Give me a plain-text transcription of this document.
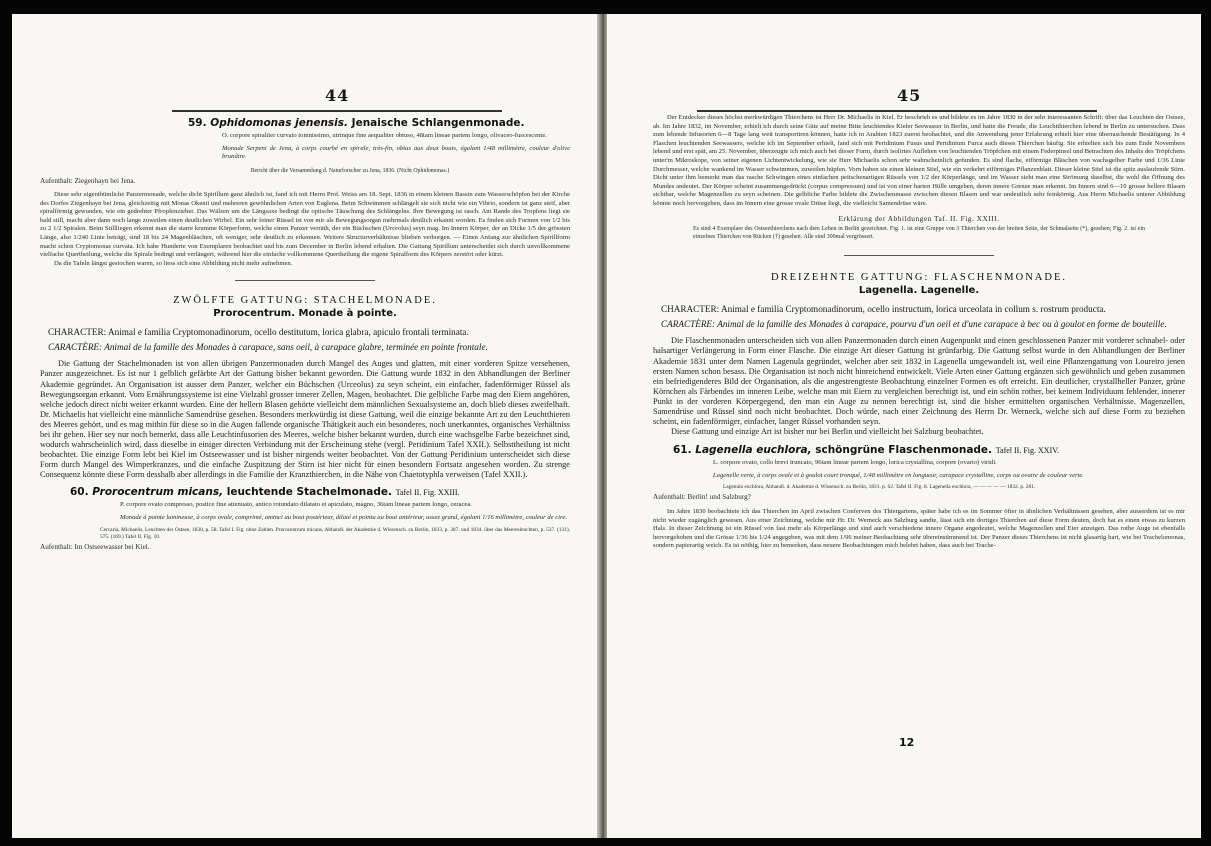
44

59. Ophidomonas jenensis. Jenaische Schlangenmonade.

O. corpore spiraliter curvato tomnissimo, utrinque fine aequaliter obtuso, 48tam lineae partem longo, olivaceo-fuscescente.

Monade Serpent de Jena, à corps courbé en spirale, très-fin, obtus aux deux bouts, égalant 1/48 millimètre, couleur d'olive brunâtre.

Bericht über die Versammlung d. Naturforscher zu Jena, 1836. (Nicht Ophidomonas.)

Aufenthalt: Ziegenhayn bei Jena.

Diese sehr eigenthümliche Panzermonade, welche dicht Spirillum ganz ähnlich ist, fand ich mit Herrn Prof. Weiss am 18. Sept. 1836 in einem kleinen Bassin zum Wasserschöpfen bei der Kirche des Dorfes Ziegenhayn bei Jena, gleichzeitig mit Monas Okenii und mehreren gewöhnlichen Arten von Euglena. Beim Schwimmen schlängelt sie sich nicht wie ein Vibrio, sondern ist ganz steif, aber spiralförmig gewunden, wie ein gedrehter Pfropfenzieher. Das Wälzen um die Längsaxe bedingt die optische Täuschung des Schlängelns. Ihre Bewegung ist rasch. Am Rande des Tropfens liegt sie bald still, macht aber dann noch lange zuweilen einen deutlichen Wirbel. Ein sehr feiner Rüssel ist von mir als Bewegungsorgan mehrmals deutlich erkannt worden. Es finden sich Formen von 1/2 bis zu 2 1/2 Spiralen. Beim Stillliegen erkennt man die starre krumme Körperform, welche einen Panzer verräth, der ein Büchschen (Urceolus) seyn mag. Im Innern Körper, der an Dicke 1/5 der grössten Länge, also 1/240 Linie beträgt, sind 18 bis 24 Magenbläschen, oft weniger, sehr deutlich zu erkennen. Weitere Structurverhältnisse blieben verborgen. — Einen Anfang zur ähnlichen Spirillform macht schon Cryptomonas curvata. Ich habe Hunderte von Exemplaren beobachtet und bis zum December in Berlin lebend erhalten. Die Gattung Spirillum unterscheidet sich durch unvollkommene vielfache Quertheilung, welche die Spirale bedingt und verlängert, während hier die einfache vollkommene Quertheilung die eigene Spiralform des Körpers zerstört oder kürzt.

Da die Tafeln längst gestochen waren, so liess sich eine Abbildung nicht mehr aufnehmen.

ZWÖLFTE GATTUNG: STACHELMONADE.

Prorocentrum. Monade à pointe.

CHARACTER: Animal e familia Cryptomonadinorum, ocello destitutum, lorica glabra, apiculo frontali terminata.

CARACTÈRE: Animal de la famille des Monades à carapace, sans oeil, à carapace glabre, terminée en pointe frontale.

Die Gattung der Stachelmonaden ist von allen übrigen Panzermonaden durch Mangel des Auges und glatten, mit einer vorderen Spitze versehenen, Panzer ausgezeichnet. Es ist nur 1 gelblich gefärbte Art der Gattung bisher bekannt geworden. Die Gattung wurde 1832 in den Abhandlungen der Berliner Akademie gegründet. An Organisation ist ausser dem Panzer, welcher ein Büchschen (Urceolus) zu seyn scheint, ein einfacher, fadenförmiger Rüssel als Bewegungsorgan erkannt. Vom Ernährungssysteme ist eine Vielzahl grosser innerer Zellen, Magen, beobachtet. Die gelbliche Farbe mag den Eiern angehören, welche jedoch direct nicht weiter erkannt wurden. Eine der hellern Blasen gehörte vielleicht dem männlichen Sexualsysteme an, doch blieb dieses zweifelhaft. Dr. Michaelis hat vielleicht eine männliche Samendrüse gesehen. Besonders merkwürdig ist diese Gattung, weil die einzige bekannte Art zu den Leuchtthieren des Meeres gehört, und es mag mithin für diese so in die Augen fallende organische Thätigkeit auch ein besonderes, noch unerkanntes, organisches Verhältniss bei ihr geben. Hier sey nur noch bemerkt, dass alle Leuchtinfusorien des Meeres, welche bisher bekannt wurden, durch eine wachsgelbe Farbe bezeichnet sind, wodurch wahrscheinlich wird, dass dieselbe in einiger directen Verbindung mit der Erscheinung stehe (vergl. Peridinium Tafel XXII.). Selbsttheilung ist nicht beobachtet. Die einzige Form lebt bei Kiel im Ostseewasser und ist bisher nirgends weiter beobachtet. Von der Gattung Peridinium unterscheidet sich diese Form durch Mangel des Wimperkranzes, und die einfache Zuspitzung der Stirn ist hier nicht für einen besondern Fortsatz angesehen worden. Zu strenge Consequenz könnte diese Form desshalb aber allerdings in die Familie der Kranzthierchen, in die Nähe von Chaetotyphla verweisen (Tafel XXII.).

60. Prorocentrum micans, leuchtende Stachelmonade. Tafel II. Fig. XXIII.

P. corpore ovato compresso, postice fine attenuato, antico rotundato dilatato et apiculato, magno, 36tam lineae partem longo, ceracea.

Monade à pointe lumineuse, à corps ovale, comprimé, aminci au bout postérieur, dilaté et pointu au bout antérieur, assez grand, égalant 1/16 millimètre, couleur de cire.

Cercaria, Michaelis, Leuchten der Ostsee, 1830, p. 58. Tafel I. Fig. ohne Zahlen. Prorocentrum micans, Abhandl. der Akademie d. Wissensch. zu Berlin, 1833, p. 307. und 1834. über das Meeresleuchten, p. 537. (131), 575. (169.) Tafel II. Fig. 10.

Aufenthalt: Im Ostseewasser bei Kiel.

45

Der Entdecker dieses höchst merkwürdigen Thierchens ist Herr Dr. Michaelis in Kiel. Er beschrieb es und bildete es im Jahre 1830 in der sehr interessanten Schrift: über das Leuchten der Ostsee, ab. Im Jahre 1832, im November, erhielt ich durch seine Güte auf meine Bitte leuchtendes Kieler Seewasser in Berlin, und hatte die Freude, die Leuchtthierchen lebend in Berlin zu untersuchen. Dass zum lebende Infusorien 6—8 Tage lang weit transportiren können, hatte ich in Arabien 1823 zuerst beobachtet, und die Anwendung jener Erfahrung erhielt hier eine überraschende Bestätigung. In 4 Flaschen leuchtenden Seewassers, welche ich im September erhielt, fand sich mit Peridinium Fusus und Peridinium Furca auch dieses Thierchen häufig. Sie erhielten sich bis zum Ende Novembers lebend und erst spät, am 25. November, überzeugte ich mich auch bei dieser Form, durch isolirtes Auflehen von leuchtenden Tröpfchen mit einem Federpinsel und Betrachten des Inhalts des Tröpfchens unter'm Mikroskope, von seiner eigenen Lichtentwickelung, wie sie Herr Michaelis schon sehr wahrscheinlich gefunden. Es sind flache, eiförmige Bläschen von wachsgelber Farbe und 1/36 Linie Durchmesser, welche wankend im Wasser schwimmen, zuweilen hüpfen. Vorn haben sie einen kleinen Stiel, wie ein verkehrt eiförmiges Pflanzenblatt. Dieser kleine Stiel ist die spitz auslaufende Stirn. Dicht unter ihm bemerkt man das rasche Schwingen eines einfachen peitschenartigen Rüssels von 1/2 der Körperlänge, und im Wasser sieht man eine Strömung daselbst, die wohl die Öffnung des Mundes andeutet. Der Körper scheint zusammengedrückt (corpus compressum) und ist von einer harten Hülle umgeben, deren innere Grenze man erkennt. Im Innern sind 6—10 grosse hellere Blasen sichtbar, welche Magenzellen zu seyn scheinen. Die gelbliche Farbe bildete die Zwischenmasse zwischen diesen Blasen und war undeutlich sehr feinkörnig. Aus Herrn Michaelis unterer Abbildung könnte noch hervorgehen, dass im Innern eine grosse ovale Drüse liegt, die vielleicht Samendrüse wäre.

Erklärung der Abbildungen Taf. II. Fig. XXIII.

Es sind 4 Exemplare des Ostseethierchens nach dem Leben in Berlin gezeichnet. Fig. 1. ist eine Gruppe von 3 Thierchen von der breiten Seite, der Schmalseite (*), gesehen; Fig. 2. ist ein einzelnes Thierchen von Rücken (†) gesehen. Alle sind 300mal vergrössert.

DREIZEHNTE GATTUNG: FLASCHENMONADE.

Lagenella. Lagenelle.

CHARACTER: Animal e familia Cryptomonadinorum, ocello instructum, lorica urceolata in collum s. rostrum producta.

CARACTÈRE: Animal de la famille des Monades à carapace, pourvu d'un oeil et d'une carapace à bec ou à goulot en forme de bouteille.

Die Flaschenmonaden unterscheiden sich von allen Panzermonaden durch einen Augenpunkt und einen geschlossenen Panzer mit vorderer schnabel- oder halsartiger Verlängerung in Form einer Flasche. Die einzige Art dieser Gattung ist grünfarbig. Die Gattung selbst wurde in den Abhandlungen der Berliner Akademie 1831 unter dem Namen Lagenula gegründet, welcher aber seit 1832 in Lagenella umgewandelt ist, weil eine Pflanzengattung von Loureiro jenen ersten Namen schon besass. Die Organisation ist noch nicht hinreichend entwickelt. Viele Arten einer Gattung ergänzen sich gewöhnlich und geben zusammen ein befriedigenderes Bild der Organisation, als die angestrengteste Beobachtung einzelner Formen es oft erreicht. Ein deutlicher, crystallheller Panzer, grüne Körnchen als Färbendes im inneren Leibe, welche man mit Eiern zu vergleichen berechtigt ist, und ein schön rother, bei keinem Individuum fehlender, innerer Punkt in der vorderen Körpergegend, den man ein Auge zu nennen berechtigt ist, sind die bisher ermittelten organischen Verhältnisse. Magenzellen, Samendrüse und Rüssel sind noch nicht beobachtet. Doch würde, nach einer Zeichnung des Herrn Dr. Werneck, welche sich auf diese Form zu beziehen scheint, ein fadenförmiger, einfacher, langer Rüssel vorhanden seyn.

Diese Gattung und einzige Art ist bisher nur bei Berlin und vielleicht bei Salzburg beobachtet.

61. Lagenella euchlora, schöngrüne Flaschenmonade. Tafel II. Fig. XXIV.

L. corpore ovato, collo brevi truncato, 96tam lineae partem longo, lorica crystallina, corpore (ovario) viridi.

Lagenelle verte, à corps ovale et à goulot court tronqué, 1/48 millimètre en longueur, carapace crystalline, corps ou ovaire de couleur verte.

Lagenula euchlora, Abhandl. d. Akademie d. Wissensch. zu Berlin, 1831. p. 62. Tafel II. Fig. 8. Lagenella euchlora, — — — — — 1832. p. 281.

Aufenthalt: Berlin! und Salzburg?

Im Jahre 1830 beobachtete ich das Thierchen im April zwischen Conferven des Thiergartens, später habe ich es im Sommer öfter in ähnlichen Verhältnissen gesehen, aber ausserdem ist es mir nicht wieder zugänglich gewesen. Aus einer Zeichnung, welche mir Hr. Dr. Werneck aus Salzburg sandte, lässt sich ein dortiges Thierchen auf diese Form deuten, doch hat es einen etwas zu kurzen Hals. In dieser Zeichnung ist ein Rüssel von fast mehr als Körperlänge und sind auch verschiedene innere Organe angedeutet, welche Magenzellen und Eier anzeigen. Das rothe Auge ist ebenfalls hervorgehoben und die Grösse 1/36 bis 1/24 angegeben, was mit dem 1/96 meiner Beobachtung sehr übereinstimmend ist. Der Panzer dieses Thierchens ist nicht glasartig hart, wie bei Trachelomonas, sondern papierartig weich. Es ist nöthig, hier zu bemerken, dass neuere Beobachtungen mich belehrt haben, dass auch bei Trache-

12
